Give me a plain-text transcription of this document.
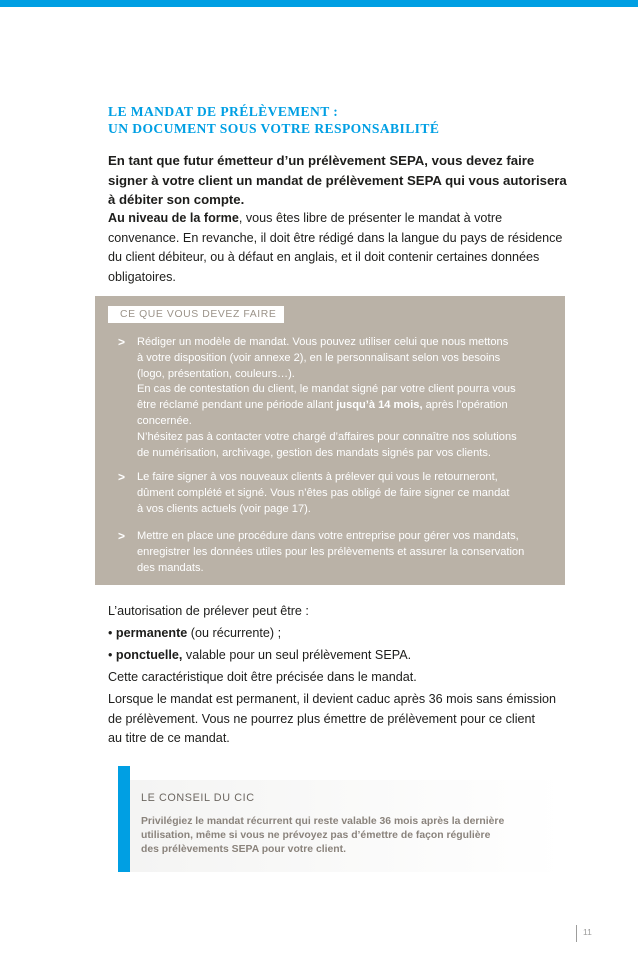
LE MANDAT DE PRÉLÈVEMENT :
UN DOCUMENT SOUS VOTRE RESPONSABILITÉ
En tant que futur émetteur d’un prélèvement SEPA, vous devez faire
signer à votre client un mandat de prélèvement SEPA qui vous autorisera
à débiter son compte.
Au niveau de la forme, vous êtes libre de présenter le mandat à votre
convenance. En revanche, il doit être rédigé dans la langue du pays de résidence
du client débiteur, ou à défaut en anglais, et il doit contenir certaines données
obligatoires.
CE QUE VOUS DEVEZ FAIRE
> Rédiger un modèle de mandat. Vous pouvez utiliser celui que nous mettons
à votre disposition (voir annexe 2), en le personnalisant selon vos besoins
(logo, présentation, couleurs…).
En cas de contestation du client, le mandat signé par votre client pourra vous
être réclamé pendant une période allant jusqu’à 14 mois, après l’opération
concernée.
N’hésitez pas à contacter votre chargé d’affaires pour connaître nos solutions
de numérisation, archivage, gestion des mandats signés par vos clients.
> Le faire signer à vos nouveaux clients à prélever qui vous le retourneront,
dûment complété et signé. Vous n’êtes pas obligé de faire signer ce mandat
à vos clients actuels (voir page 17).
> Mettre en place une procédure dans votre entreprise pour gérer vos mandats,
enregistrer les données utiles pour les prélèvements et assurer la conservation
des mandats.
L’autorisation de prélever peut être :
• permanente (ou récurrente) ;
• ponctuelle, valable pour un seul prélèvement SEPA.
Cette caractéristique doit être précisée dans le mandat.
Lorsque le mandat est permanent, il devient caduc après 36 mois sans émission
de prélèvement. Vous ne pourrez plus émettre de prélèvement pour ce client
au titre de ce mandat.
LE CONSEIL DU CIC
Privilégiez le mandat récurrent qui reste valable 36 mois après la dernière
utilisation, même si vous ne prévoyez pas d’émettre de façon régulière
des prélèvements SEPA pour votre client.
11
